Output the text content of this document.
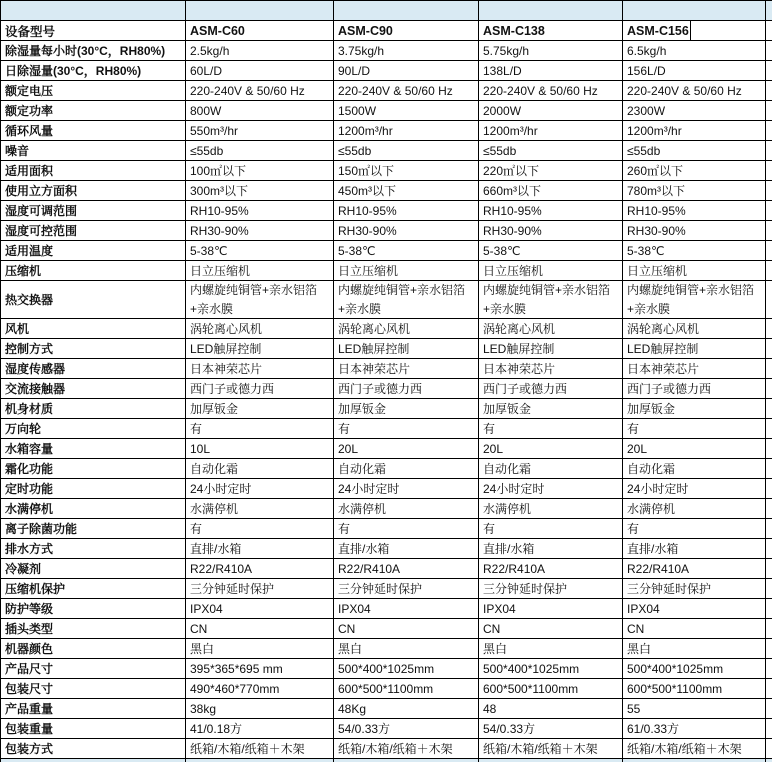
设备型号	ASM-C60	ASM-C90	ASM-C138	ASM-C156		
除湿量每小时(30°C，RH80%)	2.5kg/h	3.75kg/h	5.75kg/h	6.5kg/h		
日除湿量(30°C，RH80%)	60L/D	90L/D	138L/D	156L/D		
额定电压	220-240V & 50/60 Hz	220-240V & 50/60 Hz	220-240V & 50/60 Hz	220-240V & 50/60 Hz		
额定功率	800W	1500W	2000W	2300W		
循环风量	550m³/hr	1200m³/hr	1200m³/hr	1200m³/hr		
噪音	≤55db	≤55db	≤55db	≤55db		
适用面积	100㎡以下	150㎡以下	220㎡以下	260㎡以下		
使用立方面积	300m³以下	450m³以下	660m³以下	780m³以下		
湿度可调范围	RH10-95%	RH10-95%	RH10-95%	RH10-95%		
湿度可控范围	RH30-90%	RH30-90%	RH30-90%	RH30-90%		
适用温度	5-38℃	5-38℃	5-38℃	5-38℃		
压缩机	日立压缩机	日立压缩机	日立压缩机	日立压缩机		
热交换器	内螺旋纯铜管+亲水铝箔+亲水膜	内螺旋纯铜管+亲水铝箔+亲水膜	内螺旋纯铜管+亲水铝箔+亲水膜	内螺旋纯铜管+亲水铝箔+亲水膜		
风机	涡轮离心风机	涡轮离心风机	涡轮离心风机	涡轮离心风机		
控制方式	LED触屏控制	LED触屏控制	LED触屏控制	LED触屏控制		
湿度传感器	日本神荣芯片	日本神荣芯片	日本神荣芯片	日本神荣芯片		
交流接触器	西门子或德力西	西门子或德力西	西门子或德力西	西门子或德力西		
机身材质	加厚钣金	加厚钣金	加厚钣金	加厚钣金		
万向轮	有	有	有	有		
水箱容量	10L	20L	20L	20L		
霜化功能	自动化霜	自动化霜	自动化霜	自动化霜		
定时功能	24小时定时	24小时定时	24小时定时	24小时定时		
水满停机	水满停机	水满停机	水满停机	水满停机		
离子除菌功能	有	有	有	有		
排水方式	直排/水箱	直排/水箱	直排/水箱	直排/水箱		
冷凝剂	R22/R410A	R22/R410A	R22/R410A	R22/R410A		
压缩机保护	三分钟延时保护	三分钟延时保护	三分钟延时保护	三分钟延时保护		
防护等级	IPX04	IPX04	IPX04	IPX04		
插头类型	CN	CN	CN	CN		
机器颜色	黑白	黑白	黑白	黑白		
产品尺寸	395*365*695 mm	500*400*1025mm	500*400*1025mm	500*400*1025mm		
包装尺寸	490*460*770mm	600*500*1100mm	600*500*1100mm	600*500*1100mm		
产品重量	38kg	48Kg	48	55		
包装重量	41/0.18方	54/0.33方	54/0.33方	61/0.33方		
包装方式	纸箱/木箱/纸箱＋木架	纸箱/木箱/纸箱＋木架	纸箱/木箱/纸箱＋木架	纸箱/木箱/纸箱＋木架		
